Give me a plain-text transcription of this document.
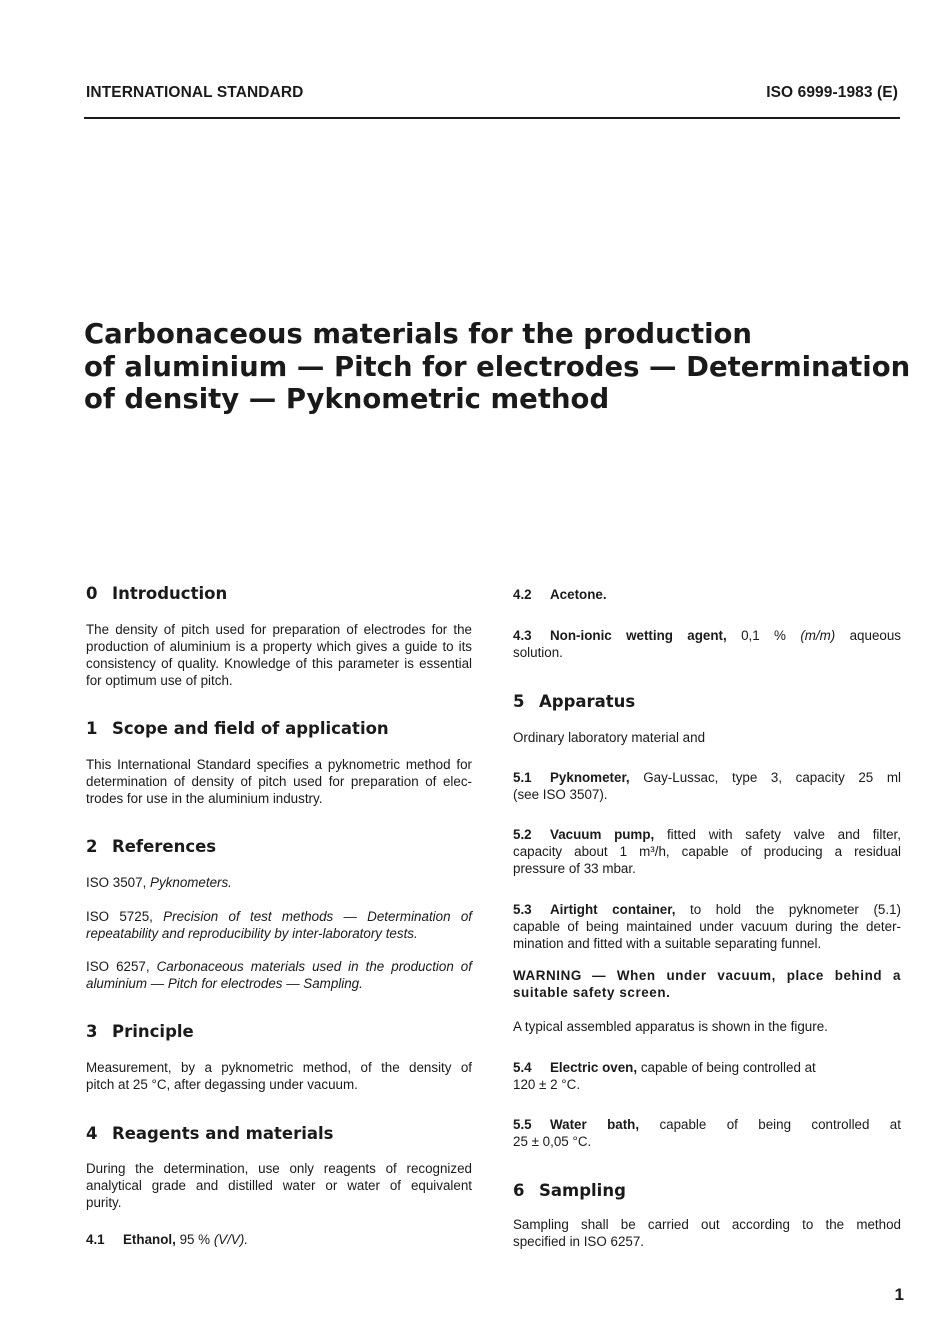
INTERNATIONAL STANDARD	ISO 6999-1983 (E)
Carbonaceous materials for the production
of aluminium — Pitch for electrodes — Determination
of density — Pyknometric method
0 Introduction
The density of pitch used for preparation of electrodes for the
production of aluminium is a property which gives a guide to its
consistency of quality. Knowledge of this parameter is essential
for optimum use of pitch.
1 Scope and field of application
This International Standard specifies a pyknometric method for
determination of density of pitch used for preparation of elec-
trodes for use in the aluminium industry.
2 References
ISO 3507, Pyknometers.
ISO 5725, Precision of test methods — Determination of
repeatability and reproducibility by inter-laboratory tests.
ISO 6257, Carbonaceous materials used in the production of
aluminium — Pitch for electrodes — Sampling.
3 Principle
Measurement, by a pyknometric method, of the density of
pitch at 25 °C, after degassing under vacuum.
4 Reagents and materials
During the determination, use only reagents of recognized
analytical grade and distilled water or water of equivalent
purity.
4.1 Ethanol, 95 % (V/V).
4.2 Acetone.
4.3 Non-ionic wetting agent, 0,1 % (m/m) aqueous
solution.
5 Apparatus
Ordinary laboratory material and
5.1 Pyknometer, Gay-Lussac, type 3, capacity 25 ml
(see ISO 3507).
5.2 Vacuum pump, fitted with safety valve and filter,
capacity about 1 m³/h, capable of producing a residual
pressure of 33 mbar.
5.3 Airtight container, to hold the pyknometer (5.1)
capable of being maintained under vacuum during the deter-
mination and fitted with a suitable separating funnel.
WARNING — When under vacuum, place behind a
suitable safety screen.
A typical assembled apparatus is shown in the figure.
5.4 Electric oven, capable of being controlled at
120 ± 2 °C.
5.5 Water bath, capable of being controlled at
25 ± 0,05 °C.
6 Sampling
Sampling shall be carried out according to the method
specified in ISO 6257.
1
